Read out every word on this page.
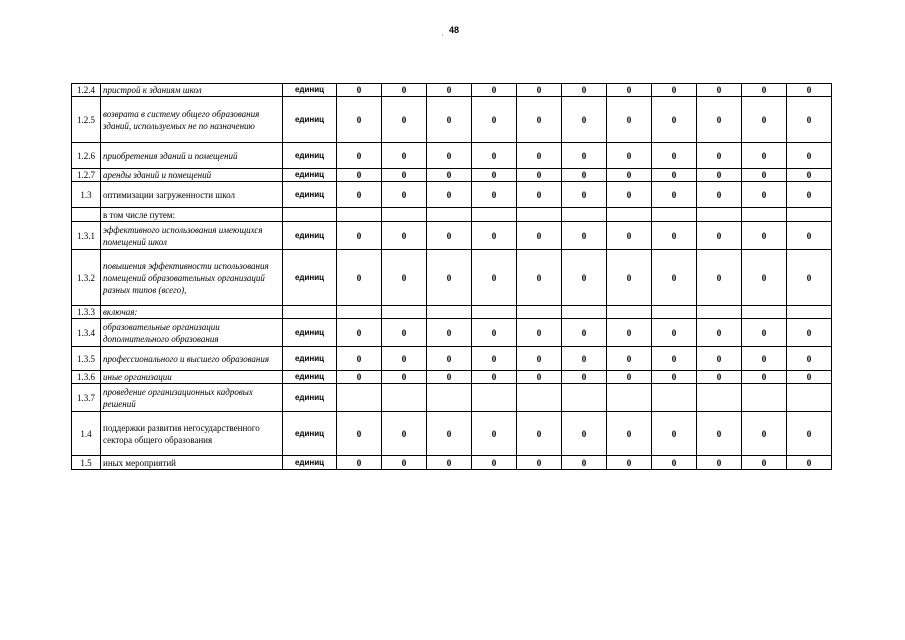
, 48
1.2.4	пристрой к зданиям школ	единиц	0	0	0	0	0	0	0	0	0	0	0
1.2.5	возврата в систему общего образования зданий, используемых не по назначению	единиц	0	0	0	0	0	0	0	0	0	0	0
1.2.6	приобретения зданий и помещений	единиц	0	0	0	0	0	0	0	0	0	0	0
1.2.7	аренды зданий и помещений	единиц	0	0	0	0	0	0	0	0	0	0	0
1.3	оптимизации загруженности школ	единиц	0	0	0	0	0	0	0	0	0	0	0
	в том числе путем:												
1.3.1	эффективного использования имеющихся помещений школ	единиц	0	0	0	0	0	0	0	0	0	0	0
1.3.2	повышения эффективности использования помещений образовательных организаций разных типов (всего),	единиц	0	0	0	0	0	0	0	0	0	0	0
1.3.3	включая:												
1.3.4	образовательные организации дополнительного образования	единиц	0	0	0	0	0	0	0	0	0	0	0
1.3.5	профессионального и высшего образования	единиц	0	0	0	0	0	0	0	0	0	0	0
1.3.6	иные организации	единиц	0	0	0	0	0	0	0	0	0	0	0
1.3.7	проведение организационных кадровых решений	единиц											
1.4	поддержки развития негосударственного сектора общего образования	единиц	0	0	0	0	0	0	0	0	0	0	0
1.5	иных мероприятий	единиц	0	0	0	0	0	0	0	0	0	0	0
